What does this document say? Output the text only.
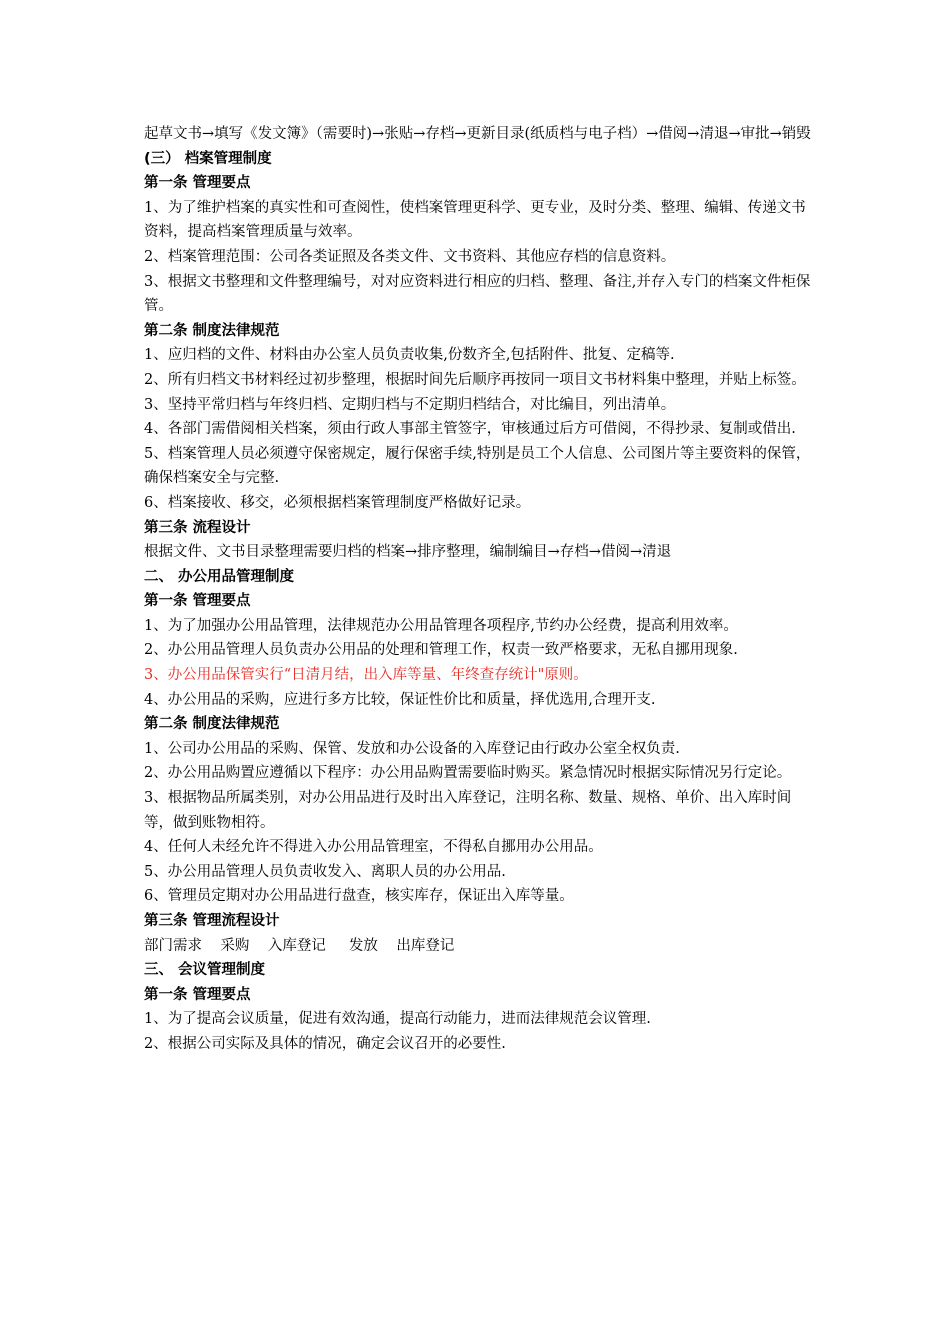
起草文书→填写《发文簿》（需要时)→张贴→存档→更新目录(纸质档与电子档）→借阅→清退→审批→销毁

(三） 档案管理制度

第一条 管理要点

1、为了维护档案的真实性和可查阅性，使档案管理更科学、更专业，及时分类、整理、编辑、传递文书资料，提高档案管理质量与效率。

2、档案管理范围：公司各类证照及各类文件、文书资料、其他应存档的信息资料。

3、根据文书整理和文件整理编号，对对应资料进行相应的归档、整理、备注,并存入专门的档案文件柜保管。

第二条 制度法律规范

1、应归档的文件、材料由办公室人员负责收集,份数齐全,包括附件、批复、定稿等.

2、所有归档文书材料经过初步整理，根据时间先后顺序再按同一项目文书材料集中整理，并贴上标签。

3、坚持平常归档与年终归档、定期归档与不定期归档结合，对比编目，列出清单。

4、各部门需借阅相关档案，须由行政人事部主管签字，审核通过后方可借阅，不得抄录、复制或借出.

5、档案管理人员必须遵守保密规定，履行保密手续,特别是员工个人信息、公司图片等主要资料的保管，确保档案安全与完整.

6、档案接收、移交，必须根据档案管理制度严格做好记录。

第三条 流程设计

根据文件、文书目录整理需要归档的档案→排序整理，编制编目→存档→借阅→清退

二、 办公用品管理制度

第一条 管理要点

1、为了加强办公用品管理，法律规范办公用品管理各项程序,节约办公经费，提高利用效率。

2、办公用品管理人员负责办公用品的处理和管理工作，权责一致严格要求，无私自挪用现象.

3、办公用品保管实行“日清月结，出入库等量、年终查存统计"原则。

4、办公用品的采购，应进行多方比较，保证性价比和质量，择优选用,合理开支.

第二条 制度法律规范

1、公司办公用品的采购、保管、发放和办公设备的入库登记由行政办公室全权负责.

2、办公用品购置应遵循以下程序：办公用品购置需要临时购买。紧急情况时根据实际情况另行定论。

3、根据物品所属类别，对办公用品进行及时出入库登记，注明名称、数量、规格、单价、出入库时间等，做到账物相符。

4、任何人未经允许不得进入办公用品管理室，不得私自挪用办公用品。

5、办公用品管理人员负责收发入、离职人员的办公用品.

6、管理员定期对办公用品进行盘查，核实库存，保证出入库等量。

第三条 管理流程设计

部门需求    采购    入库登记     发放    出库登记

三、 会议管理制度

第一条 管理要点

1、为了提高会议质量，促进有效沟通，提高行动能力，进而法律规范会议管理.

2、根据公司实际及具体的情况，确定会议召开的必要性.
